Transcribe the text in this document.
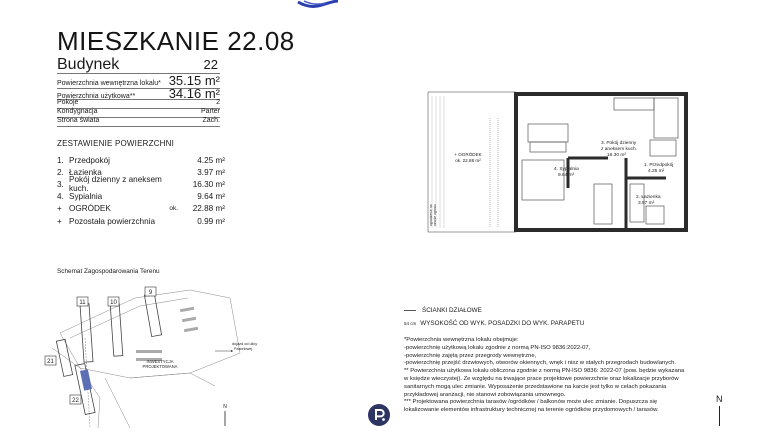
MIESZKANIE 22.08
Budynek	22
Powierzchnia wewnętrzna lokalu* 35.15 m²
Powierzchnia użytkowa**	34.16 m²
Pokoje	2
Kondygnacja	Parter
Strona świata	Zach.
ZESTAWIENIE POWIERZCHNI
1. Przedpokój	4.25 m²
2. Łazienka	3.97 m²
3. Pokój dzienny z aneksem kuch.	16.30 m²
4. Sypialnia	9.64 m²
+ OGRÓDEK	ok.	22.88 m²
+ Pozostała powierzchnia	0.99 m²
Schemat Zagospodarowania Terenu
11	10
9
21
22
INWESTYCJA
PROJEKTOWANA
dojazd od ulicy
Pastelowej
N
+ OGRÓDEK
ok. 22.88 m²
3. Pokój dzienny
z aneksem kuch.
16.30 m²
4. Sypialnia
9.64 m²
1. Przedpokój
4.25 m²
2. Łazienka
3.97 m²
ogrodzenie na stronie ogrodu
ŚCIANKI DZIAŁOWE
54 cm WYSOKOŚĆ OD WYK. POSADZKI DO WYK. PARAPETU
*Powierzchnia wewnętrzna lokalu obejmuje:
-powierzchnię użytkową lokalu zgodnie z normą PN-ISO 9836:2022-07,
-powierzchnię zajętą przez przegrody wewnętrzne,
-powierzchnię przejść drzwiowych, otworów okiennych, wnęk i nisz w stałych przegrodach budowlanych.
** Powierzchnia użytkowa lokalu obliczona zgodnie z normą PN-ISO 9836: 2022-07 (pow. będzie wykazana
w księdze wieczystej). Ze względu na trwające prace projektowe powierzchnie oraz lokalizacje przyborów
sanitarnych mogą ulec zmianie. Wyposażenie przedstawione na karcie jest tylko w celach pokazania
przykładowej aranżacji, nie stanowi zobowiązania umownego.
*** Projektowana powierzchnia tarasów /ogródków / balkonów może ulec zmianie. Dopuszcza się
lokalizowanie elementów infrastruktury technicznej na terenie ogródków przydomowych / tarasów.
N
